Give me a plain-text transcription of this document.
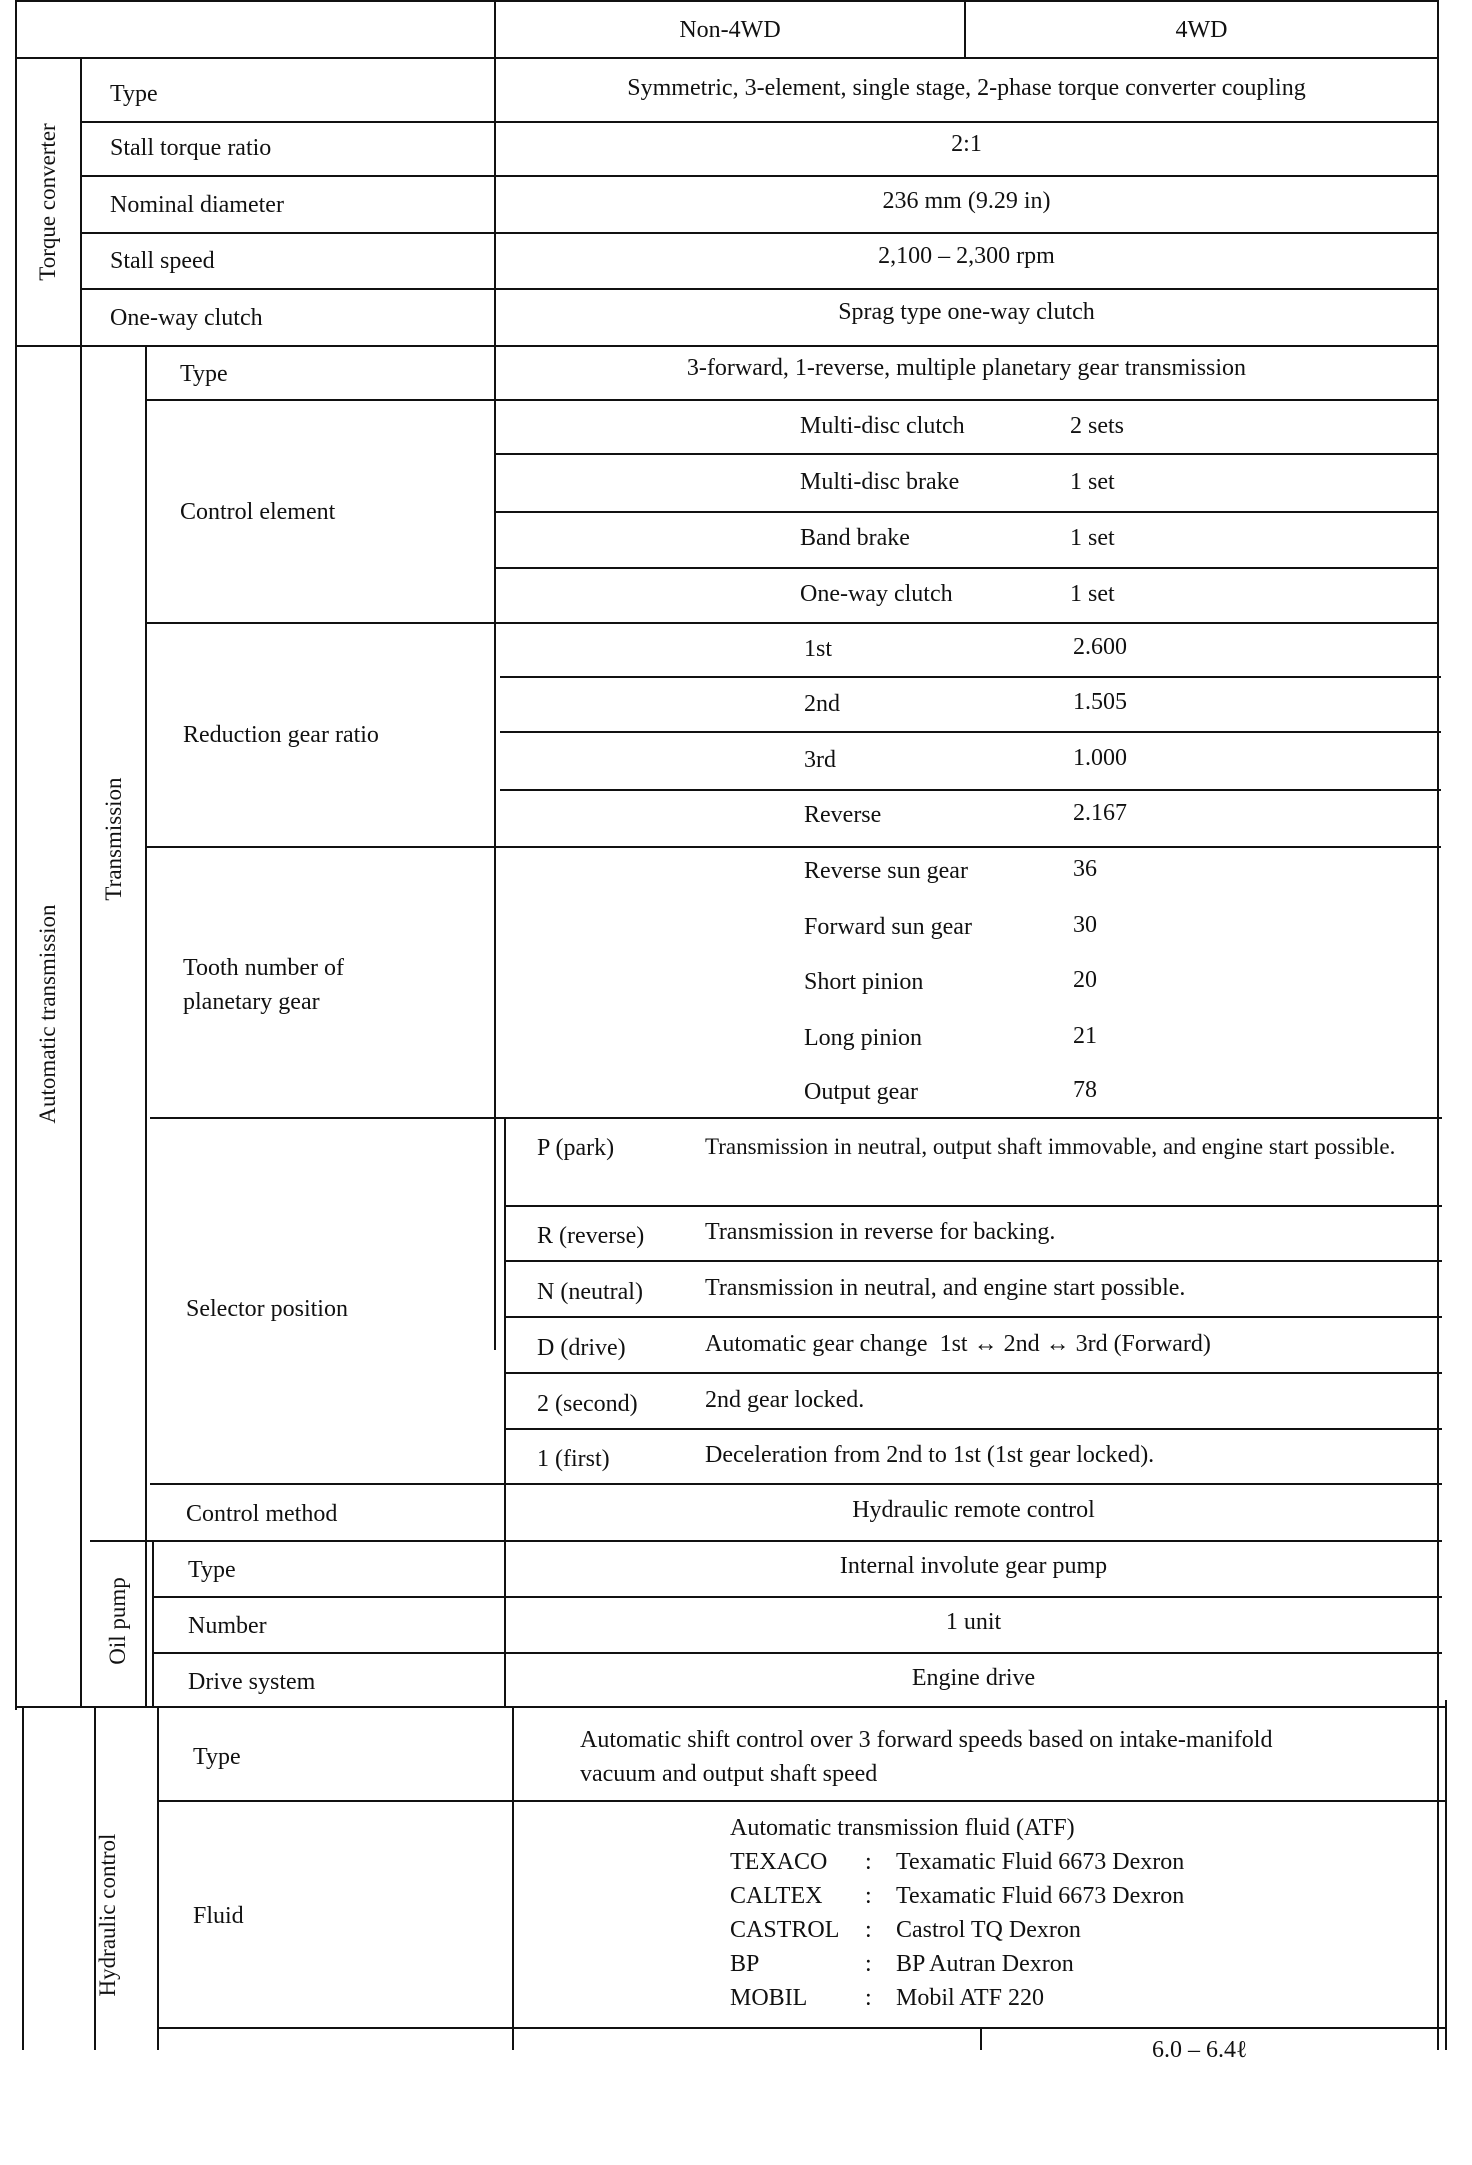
Non-4WD	4WD
Torque converter
Automatic transmission
Transmission
Oil pump
Hydraulic control
Type	Symmetric, 3-element, single stage, 2-phase torque converter coupling
Stall torque ratio	2:1
Nominal diameter	236 mm (9.29 in)
Stall speed	2,100 – 2,300 rpm
One-way clutch	Sprag type one-way clutch
Type	3-forward, 1-reverse, multiple planetary gear transmission
Control element
Multi-disc clutch	2 sets
Multi-disc brake	1 set
Band brake	1 set
One-way clutch	1 set
Reduction gear ratio
1st	2.600
2nd	1.505
3rd	1.000
Reverse	2.167
Tooth number of
planetary gear
Reverse sun gear	36
Forward sun gear	30
Short pinion	20
Long pinion	21
Output gear	78
Selector position
P (park)	Transmission in neutral, output shaft immovable, and engine start possible.
R (reverse)	Transmission in reverse for backing.
N (neutral)	Transmission in neutral, and engine start possible.
D (drive)	Automatic gear change  1st ↔ 2nd ↔ 3rd (Forward)
2 (second)	2nd gear locked.
1 (first)	Deceleration from 2nd to 1st (1st gear locked).
Control method	Hydraulic remote control
Type	Internal involute gear pump
Number	1 unit
Drive system	Engine drive
Type
Automatic shift control over 3 forward speeds based on intake-manifold
vacuum and output shaft speed
Fluid
Automatic transmission fluid (ATF)
TEXACO : Texamatic Fluid 6673 Dexron
CALTEX : Texamatic Fluid 6673 Dexron
CASTROL : Castrol TQ Dexron
BP	: BP Autran Dexron
MOBIL : Mobil ATF 220
6.0 – 6.4ℓ
